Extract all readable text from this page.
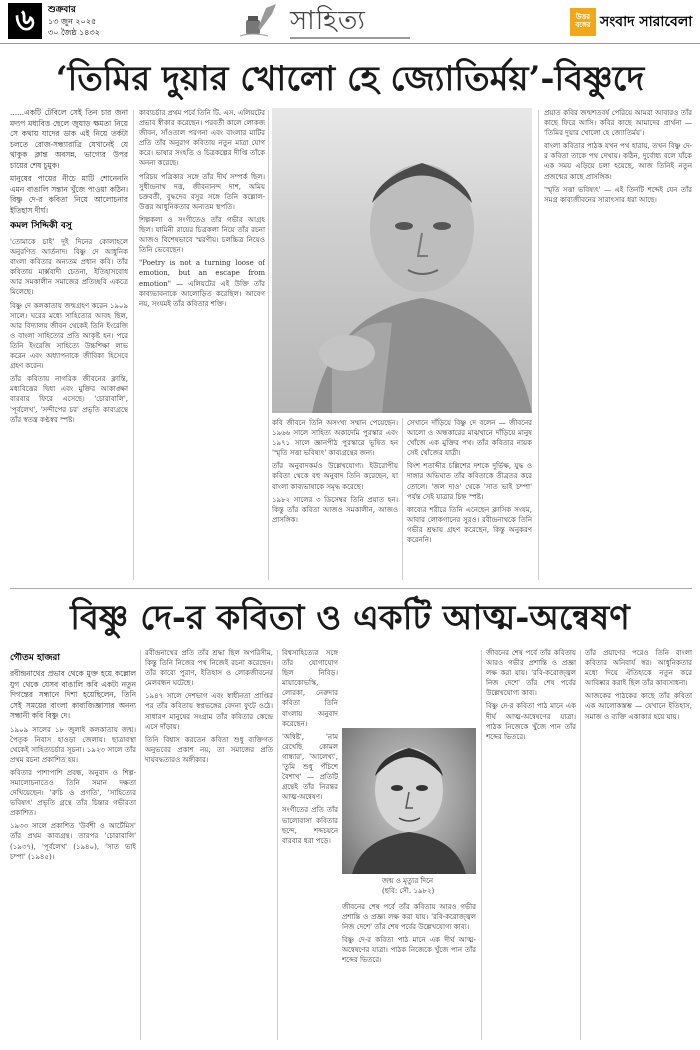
৬	শুক্রবার
১৩ জুন ২০২৫
৩০ জৈষ্ঠ ১৪৩২	সাহিত্য	উত্তর বঙ্গের সংবাদ সারাবেলা
‘তিমির দুয়ার খোলো হে জ্যোতির্ময়’-বিষ্ণুদে

......একটি টেবিলে সেই তিন চার জনা মদ্যপ মধ্যবিত্ত ছেলে জুয়াড় ক্ষমতা নিয়ে সে কথায় যাদের ডাক এই নিয়ে তর্কটা চলতে রোজ-সন্ধ্যারাত্রি যেখানেই যে থাকুক ক্লান্ত অবসন্ন, ভাগ্যের উপর চায়ের শেষ চুমুক।

মানুষের পায়ের নীচে মাটি শোনেননি এমন বাঙালি সন্তান খুঁজে পাওয়া কঠিন। বিষ্ণু দে-র কবিতা নিয়ে আলোচনার ইতিহাস দীর্ঘ।

কমল সিদ্দিকী বসু

'তোমাকে চাই' দুই দিনের কোলাহলে অনুরণিত আর্তনাদ। বিষ্ণু দে আধুনিক বাংলা কবিতার অন্যতম প্রধান কবি। তাঁর কবিতায় মার্ক্সবাদী চেতনা, ইতিহাসবোধ আর সমকালীন সমাজের প্রতিচ্ছবি একত্রে মিলেছে।

বিষ্ণু দে কলকাতায় জন্মগ্রহণ করেন ১৯০৯ সালে। ঘরের মধ্যে সাহিত্যের আবহ ছিল, আর বিদ্যালয় জীবন থেকেই তিনি ইংরেজি ও বাংলা সাহিত্যের প্রতি আকৃষ্ট হন। পরে তিনি ইংরেজি সাহিত্যে উচ্চশিক্ষা লাভ করেন এবং অধ্যাপনাকে জীবিকা হিসেবে গ্রহণ করেন।

তাঁর কবিতায় নাগরিক জীবনের ক্লান্তি, মধ্যবিত্তের দ্বিধা এবং মুক্তির আকাঙ্ক্ষা বারবার ফিরে এসেছে। 'চোরাবালি', 'পূর্বলেখ', 'সন্দীপের চর' প্রভৃতি কাব্যগ্রন্থে তাঁর স্বতন্ত্র কণ্ঠস্বর স্পষ্ট।

কাব্যচর্চার প্রথম পর্বে তিনি টি. এস. এলিয়টের প্রভাব স্বীকার করেছেন। পরবর্তী কালে লোকজ জীবন, সাঁওতাল পরগনা এবং বাংলার মাটির প্রতি তাঁর অনুরাগ কবিতায় নতুন মাত্রা যোগ করে। ভাষার সংহতি ও চিত্রকল্পের দীপ্তি তাঁকে অনন্য করেছে।

পরিচয় পত্রিকার সঙ্গে তাঁর দীর্ঘ সম্পর্ক ছিল। সুধীন্দ্রনাথ দত্ত, জীবনানন্দ দাশ, অমিয় চক্রবর্তী, বুদ্ধদেব বসুর সঙ্গে তিনি কল্লোল-উত্তর আধুনিকতার অন্যতম স্থপতি।

শিল্পকলা ও সংগীতেও তাঁর গভীর আগ্রহ ছিল। যামিনী রায়ের চিত্রকলা নিয়ে তাঁর রচনা আজও বিশেষভাবে স্মরণীয়। চলচ্চিত্র নিয়েও তিনি ভেবেছেন।

"Poetry is not a turning loose of emotion, but an escape from emotion" — এলিয়টের এই উক্তি তাঁর কাব্যভাবনাকে আলোড়িত করেছিল। আবেগ নয়, সংযমই তাঁর কবিতার শক্তি।

কবি জীবনে তিনি অসংখ্য সম্মান পেয়েছেন। ১৯৬৬ সালে সাহিত্য অকাদেমি পুরস্কার এবং ১৯৭১ সালে জ্ঞানপীঠ পুরস্কারে ভূষিত হন 'স্মৃতি সত্তা ভবিষ্যৎ' কাব্যগ্রন্থের জন্য।

তাঁর অনুবাদকর্মও উল্লেখযোগ্য। ইউরোপীয় কবিতা থেকে বহু অনুবাদ তিনি করেছেন, যা বাংলা কাব্যভাষাকে সমৃদ্ধ করেছে।

১৯৮২ সালের ৩ ডিসেম্বর তিনি প্রয়াত হন। কিন্তু তাঁর কবিতা আজও সমকালীন, আজও প্রাসঙ্গিক।

সেখানে দাঁড়িয়ে বিষ্ণু দে বলেন — জীবনের আলো ও অন্ধকারের মাঝখানে দাঁড়িয়ে মানুষ খোঁজে এক মুক্তির পথ। তাঁর কবিতার নায়ক সেই খোঁজের যাত্রী।

বিংশ শতাব্দীর চল্লিশের দশকে দুর্ভিক্ষ, যুদ্ধ ও দাঙ্গার অভিঘাত তাঁর কবিতাকে তীব্রতর করে তোলে। 'জল দাও' থেকে 'সাত ভাই চম্পা' পর্যন্ত সেই যাত্রার চিহ্ন স্পষ্ট।

কাব্যের শরীরে তিনি এনেছেন ক্লাসিক সংযম, আবার লোকগানের সুরও। রবীন্দ্রনাথকে তিনি গভীর শ্রদ্ধায় গ্রহণ করেছেন, কিন্তু অনুকরণ করেননি।

প্রয়াত কবির জন্মশতবর্ষ পেরিয়ে আমরা আবারও তাঁর কাছে ফিরে আসি। কবির কাছে আমাদের প্রার্থনা — 'তিমির দুয়ার খোলো হে জ্যোতির্ময়'।

বাংলা কবিতার পাঠক যখন পথ হারায়, তখন বিষ্ণু দে-র কবিতা তাকে পথ দেখায়। কঠিন, দুর্বোধ্য বলে যাঁকে এক সময় এড়িয়ে চলা হয়েছে, আজ তিনিই নতুন প্রজন্মের কাছে প্রাসঙ্গিক।

'স্মৃতি সত্তা ভবিষ্যৎ' — এই তিনটি শব্দেই যেন তাঁর সমগ্র কাব্যজীবনের সারাৎসার ধরা আছে।

বিষ্ণু দে-র কবিতা ও একটি আত্ম-অন্বেষণ
গৌতম হাজরা

রবীন্দ্রনাথের প্রভাব থেকে মুক্ত হয়ে কল্লোল যুগ থেকে যেসব বাঙালি কবি একটা নতুন দিগন্তের সন্ধানে দিশা হয়েছিলেন, তিনি সেই সময়ের বাংলা কাব্যজিজ্ঞাসার অনন্য সন্ধানী কবি বিষ্ণু দে।

১৯০৯ সালের ১৮ জুলাই কলকাতায় জন্ম। পৈতৃক নিবাস হাওড়া জেলায়। ছাত্রাবস্থা থেকেই সাহিত্যচর্চার সূচনা। ১৯২৩ সালে তাঁর প্রথম রচনা প্রকাশিত হয়।

কবিতার পাশাপাশি প্রবন্ধ, অনুবাদ ও শিল্প-সমালোচনাতেও তিনি সমান দক্ষতা দেখিয়েছেন। 'রুচি ও প্রগতি', 'সাহিত্যের ভবিষ্যৎ' প্রভৃতি গ্রন্থে তাঁর চিন্তার গভীরতা প্রকাশিত।

১৯৩৩ সালে প্রকাশিত 'উর্বশী ও আর্টেমিস' তাঁর প্রথম কাব্যগ্রন্থ। তারপর 'চোরাবালি' (১৯৩৭), 'পূর্বলেখ' (১৯৪০), 'সাত ভাই চম্পা' (১৯৪৫)।

রবীন্দ্রনাথের প্রতি তাঁর শ্রদ্ধা ছিল অপরিসীম, কিন্তু তিনি নিজের পথ নিজেই রচনা করেছেন। তাঁর কাব্যে পুরাণ, ইতিহাস ও লোকজীবনের মেলবন্ধন ঘটেছে।

১৯৪৭ সালে দেশভাগ এবং স্বাধীনতা প্রাপ্তির পর তাঁর কবিতায় স্বপ্নভঙ্গের বেদনা ফুটে ওঠে। সাধারণ মানুষের সংগ্রাম তাঁর কবিতার কেন্দ্রে এসে দাঁড়ায়।

তিনি বিশ্বাস করতেন কবিতা শুধু ব্যক্তিগত অনুভবের প্রকাশ নয়, তা সমাজের প্রতি দায়বদ্ধতারও অঙ্গীকার।

বিশ্বসাহিত্যের সঙ্গে তাঁর যোগাযোগ ছিল নিবিড়। মায়াকোভস্কি, লোরকা, নেরুদার কবিতা তিনি বাংলায় অনুবাদ করেছেন।

'অন্বিষ্ট', 'নাম রেখেছি কোমল গান্ধার', 'আলেখ্য', 'তুমি শুধু পঁচিশে বৈশাখ' — প্রতিটি গ্রন্থেই তাঁর নিরন্তর আত্ম-অন্বেষণ।

সংগীতের প্রতি তাঁর ভালোবাসা কবিতার ছন্দে, শব্দচয়নে বারবার ধরা পড়ে।

জন্ম ও মৃত্যুর দিনে
(ছবি: সৌ. ১৯৮২)

জীবনের শেষ পর্বে তাঁর কবিতায় আরও গভীর প্রশান্তি ও প্রজ্ঞা লক্ষ করা যায়। 'রবি-করোজ্জ্বল নিজ দেশে' তাঁর শেষ পর্বের উল্লেখযোগ্য কাব্য।

বিষ্ণু দে-র কবিতা পাঠ মানে এক দীর্ঘ আত্ম-অন্বেষণের যাত্রা। পাঠক নিজেকে খুঁজে পান তাঁর শব্দের ভিতরে।

জীবনের শেষ পর্বে তাঁর কবিতায় আরও গভীর প্রশান্তি ও প্রজ্ঞা লক্ষ করা যায়। 'রবি-করোজ্জ্বল নিজ দেশে' তাঁর শেষ পর্বের উল্লেখযোগ্য কাব্য।

বিষ্ণু দে-র কবিতা পাঠ মানে এক দীর্ঘ আত্ম-অন্বেষণের যাত্রা। পাঠক নিজেকে খুঁজে পান তাঁর শব্দের ভিতরে।

তাঁর প্রয়াণের পরেও তিনি বাংলা কবিতার অনিবার্য স্বর। আধুনিকতার মধ্যে দিয়ে ঐতিহ্যকে নতুন করে আবিষ্কার করাই ছিল তাঁর কাব্যসাধনা।

আজকের পাঠকের কাছে তাঁর কবিতা এক আলোকস্তম্ভ — যেখানে ইতিহাস, সমাজ ও ব্যক্তি একাকার হয়ে যায়।
